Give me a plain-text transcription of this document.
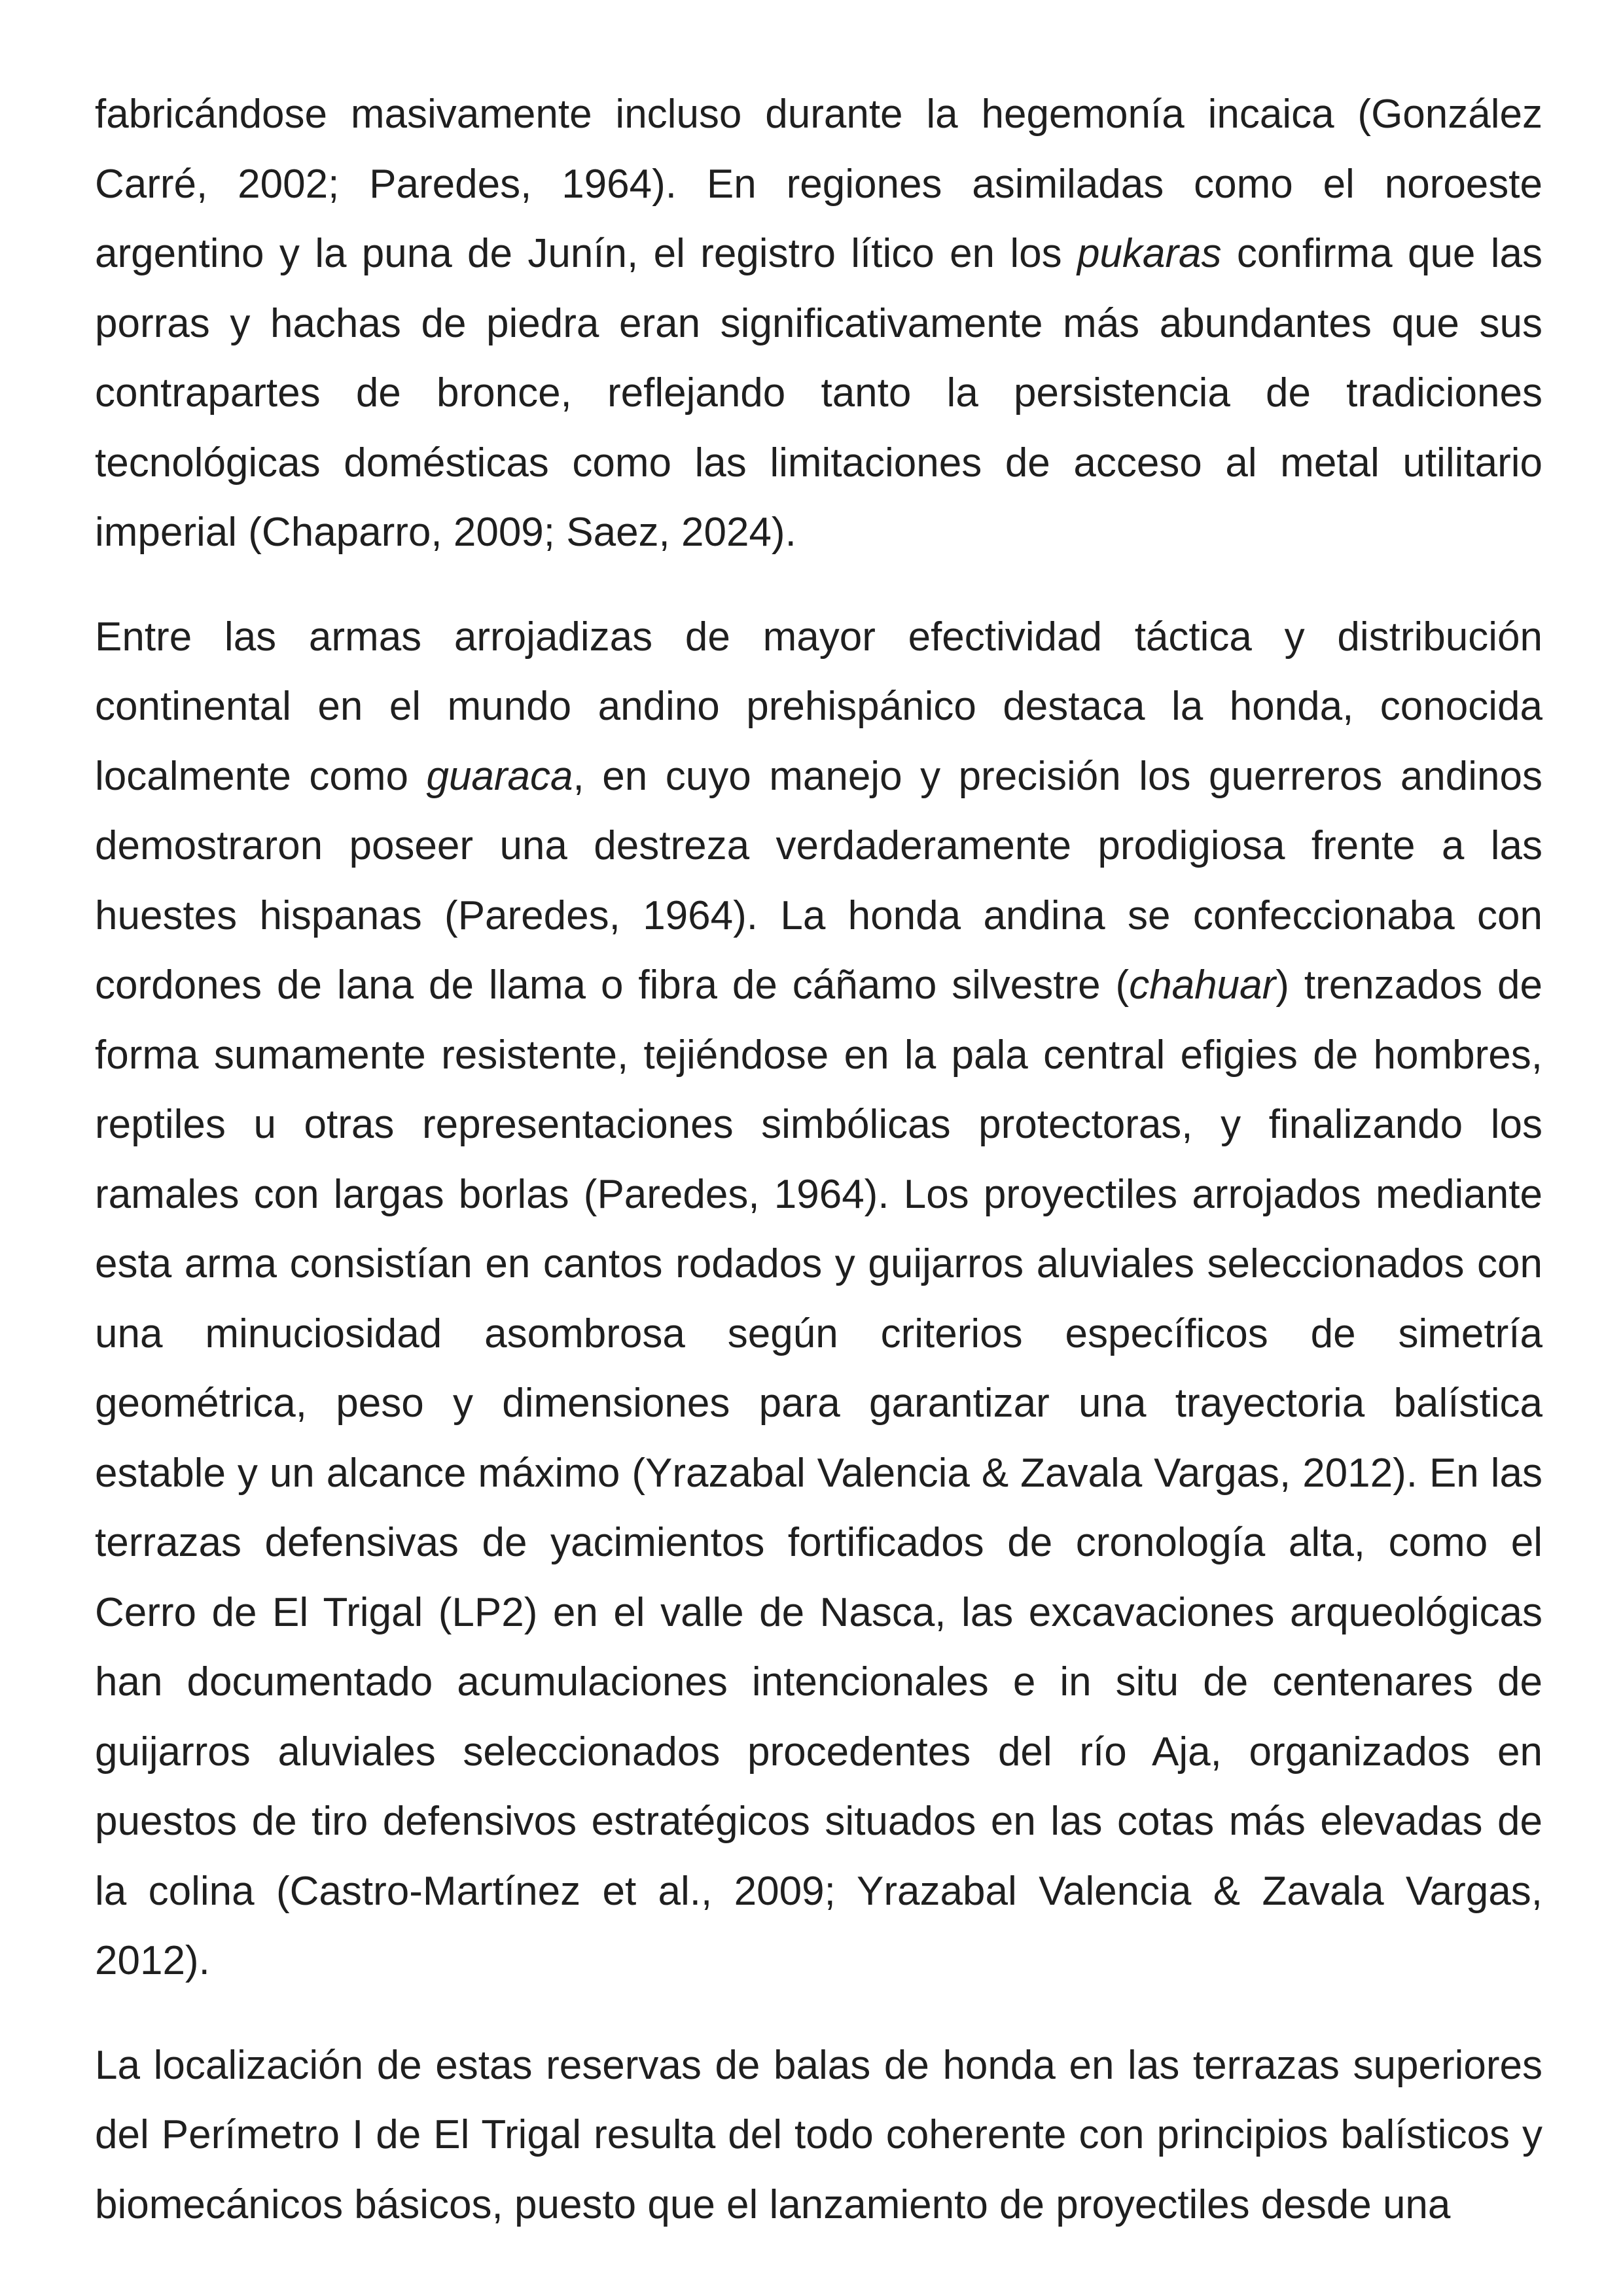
fabricándose masivamente incluso durante la hegemonía incaica (González Carré, 2002; Paredes, 1964). En regiones asimiladas como el noroeste argentino y la puna de Junín, el registro lítico en los pukaras confirma que las porras y hachas de piedra eran significativamente más abundantes que sus contrapartes de bronce, reflejando tanto la persistencia de tradiciones tecnológicas domésticas como las limitaciones de acceso al metal utilitario imperial (Chaparro, 2009; Saez, 2024).

Entre las armas arrojadizas de mayor efectividad táctica y distribución continental en el mundo andino prehispánico destaca la honda, conocida localmente como guaraca, en cuyo manejo y precisión los guerreros andinos demostraron poseer una destreza verdaderamente prodigiosa frente a las huestes hispanas (Paredes, 1964). La honda andina se confeccionaba con cordones de lana de llama o fibra de cáñamo silvestre (chahuar) trenzados de forma sumamente resistente, tejiéndose en la pala central efigies de hombres, reptiles u otras representaciones simbólicas protectoras, y finalizando los ramales con largas borlas (Paredes, 1964). Los proyectiles arrojados mediante esta arma consistían en cantos rodados y guijarros aluviales seleccionados con una minuciosidad asombrosa según criterios específicos de simetría geométrica, peso y dimensiones para garantizar una trayectoria balística estable y un alcance máximo (Yrazabal Valencia & Zavala Vargas, 2012). En las terrazas defensivas de yacimientos fortificados de cronología alta, como el Cerro de El Trigal (LP2) en el valle de Nasca, las excavaciones arqueológicas han documentado acumulaciones intencionales e in situ de centenares de guijarros aluviales seleccionados procedentes del río Aja, organizados en puestos de tiro defensivos estratégicos situados en las cotas más elevadas de la colina (Castro-Martínez et al., 2009; Yrazabal Valencia & Zavala Vargas, 2012).

La localización de estas reservas de balas de honda en las terrazas superiores del Perímetro I de El Trigal resulta del todo coherente con principios balísticos y biomecánicos básicos, puesto que el lanzamiento de proyectiles desde una
